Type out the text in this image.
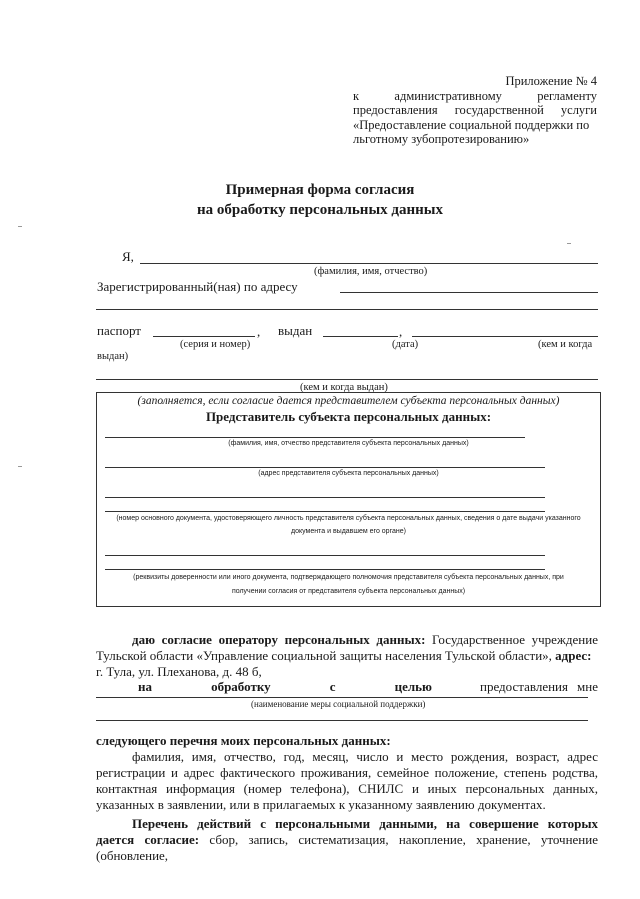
Приложение № 4
к	административному	регламенту
предоставления государственной услуги
«Предоставление социальной поддержки по
льготному зубопротезированию»
Примерная форма согласия
на обработку персональных данных
Я,
(фамилия, имя, отчество)
Зарегистрированный(ная) по адресу
паспорт	, выдан	,
(серия и номер)	(дата)	(кем и когда
выдан)
(кем и когда выдан)
(заполняется, если согласие дается представителем субъекта персональных данных)
Представитель субъекта персональных данных:
(фамилия, имя, отчество представителя субъекта персональных данных)
(адрес представителя субъекта персональных данных)
(номер основного документа, удостоверяющего личность представителя субъекта персональных данных, сведения о дате выдачи указанного
документа и выдавшем его органе)
(реквизиты доверенности или иного документа, подтверждающего полномочия представителя субъекта персональных данных, при
получении согласия от представителя субъекта персональных данных)
даю согласие оператору персональных данных: Государственное учреждение Тульской области «Управление социальной защиты населения Тульской области», адрес:
г. Тула, ул. Плеханова, д. 48 б,
на	обработку	с	целью	предоставления мне
(наименование меры социальной поддержки)
следующего перечня моих персональных данных:
фамилия, имя, отчество, год, месяц, число и место рождения, возраст, адрес регистрации и адрес фактического проживания, семейное положение, степень родства, контактная информация (номер телефона), СНИЛС и иных персональных данных, указанных в заявлении, или в прилагаемых к указанному заявлению документах.
Перечень действий с персональными данными, на совершение которых дается согласие: сбор, запись, систематизация, накопление, хранение, уточнение (обновление,
